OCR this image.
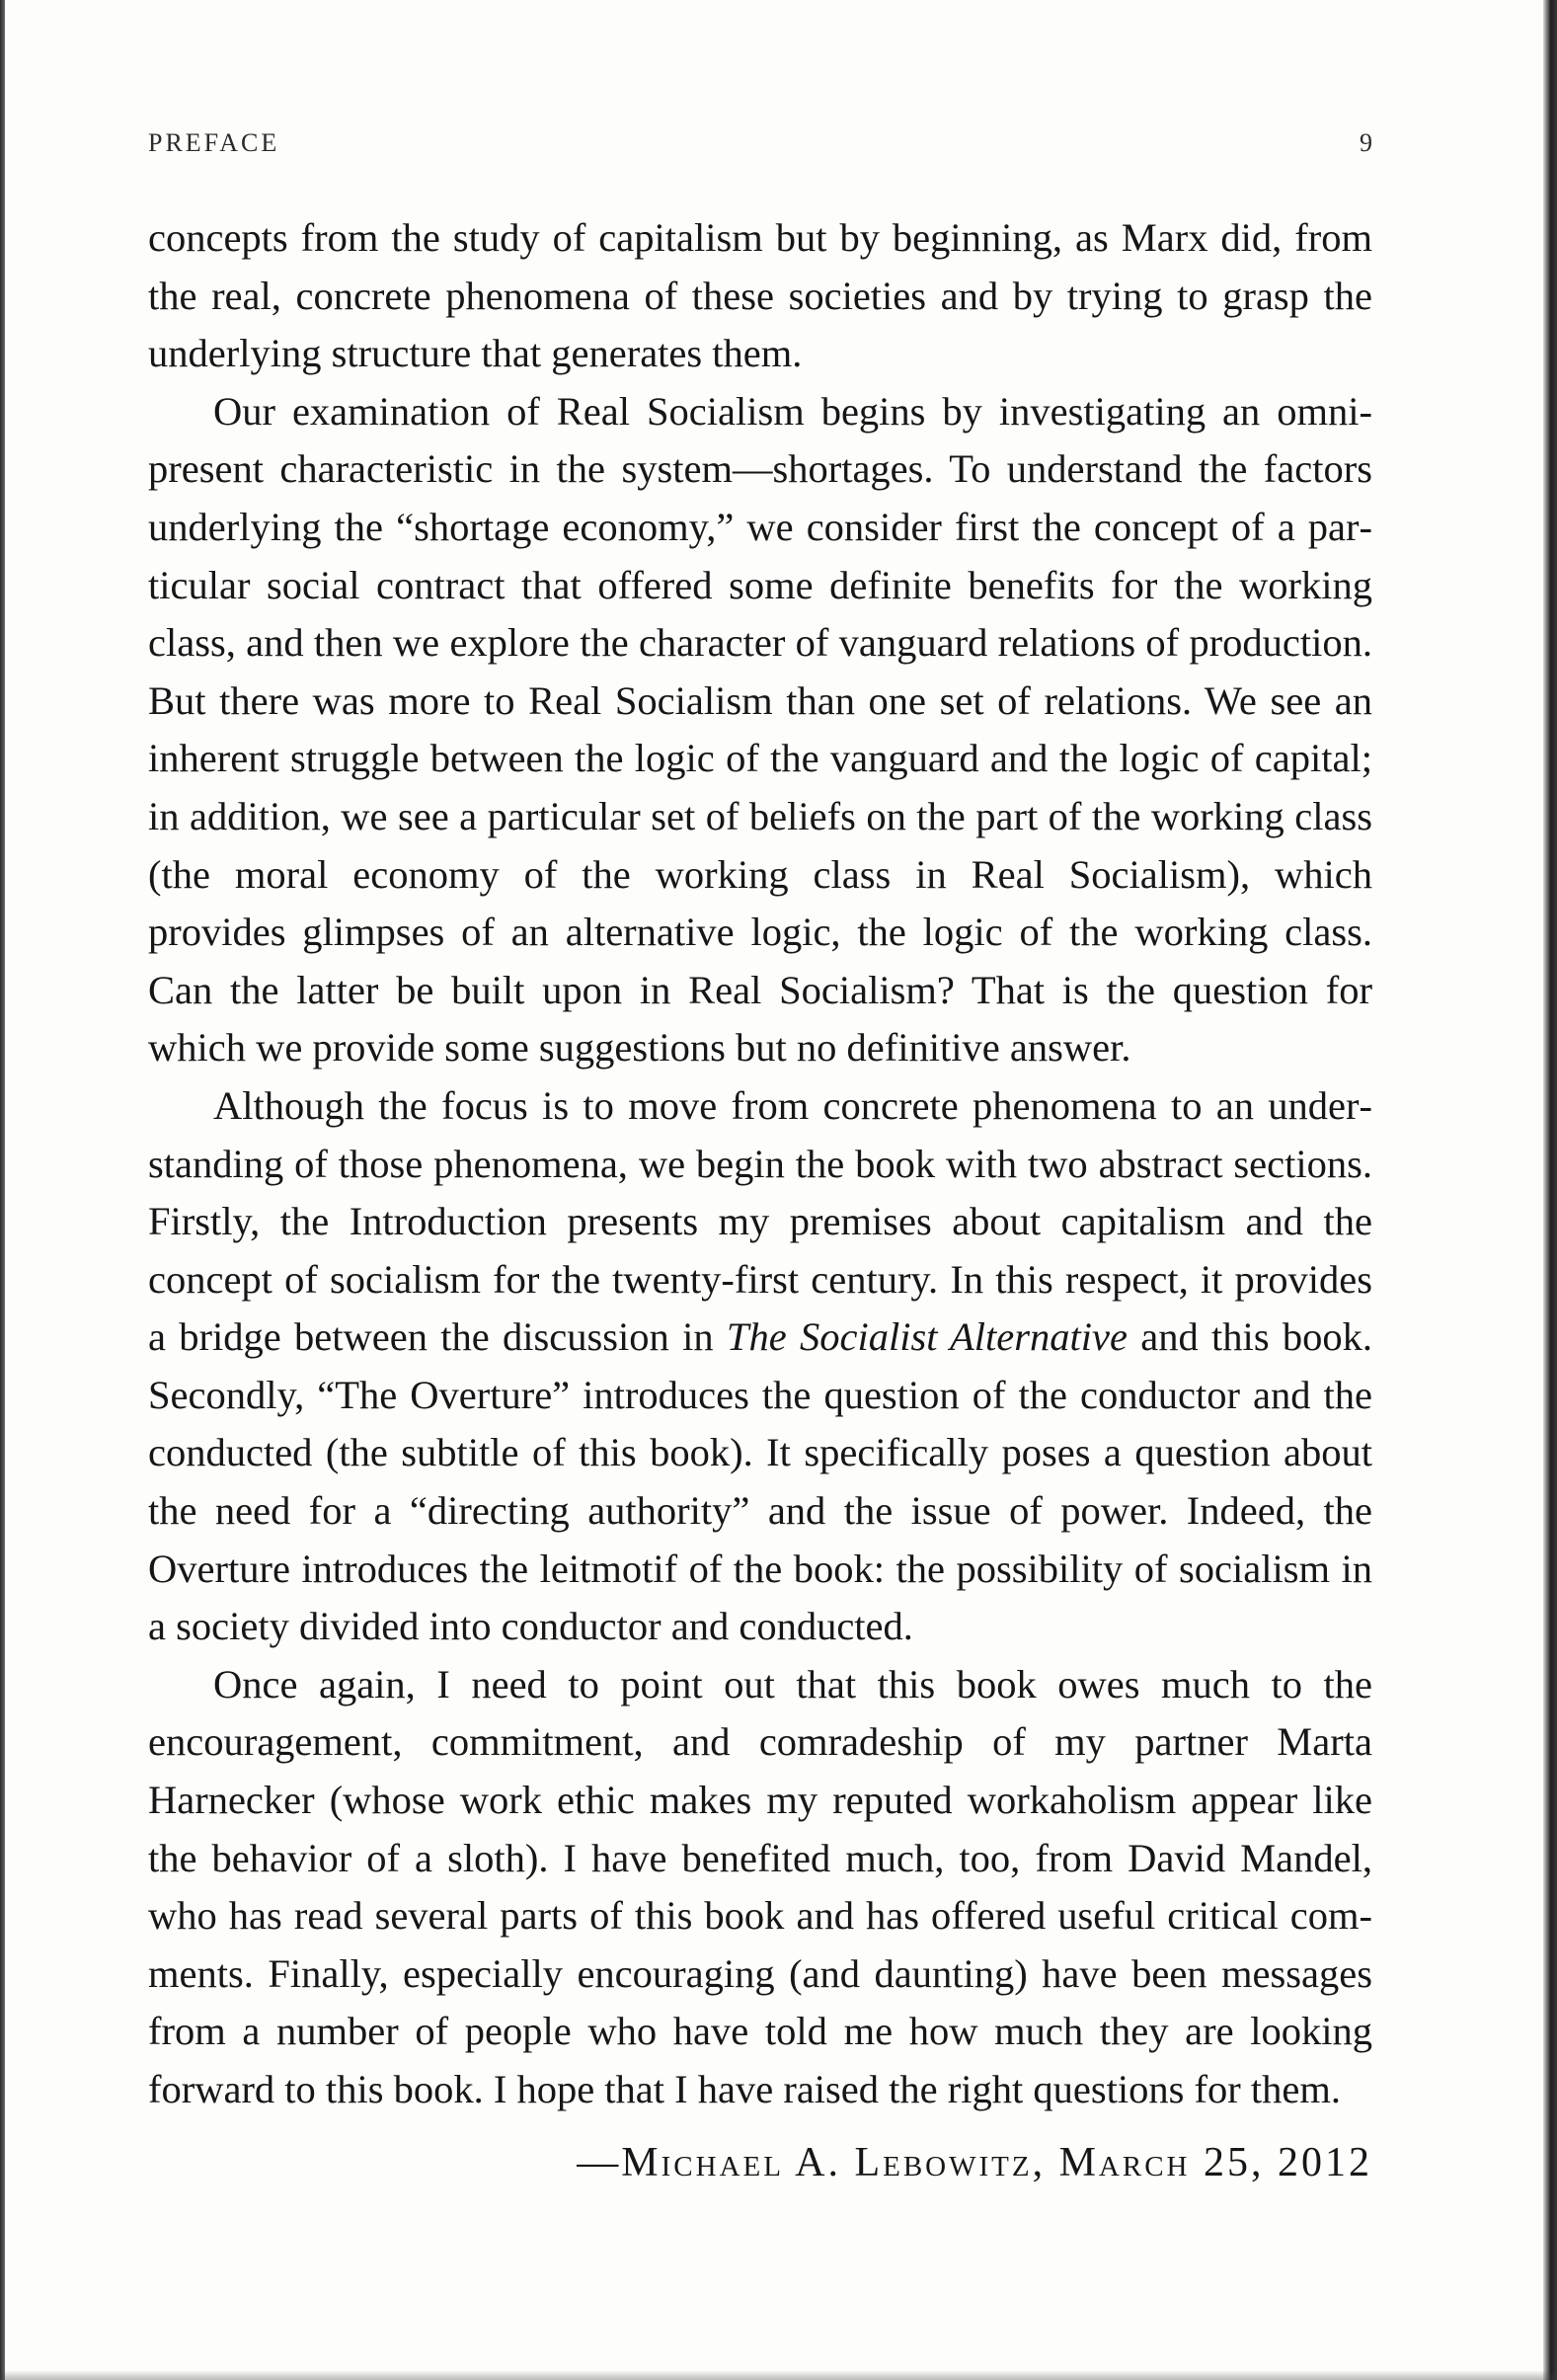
PREFACE	9

concepts from the study of capitalism but by beginning, as Marx did, from the real, concrete phenomena of these societies and by trying to grasp the underlying structure that generates them.

Our examination of Real Socialism begins by investigating an omnipresent characteristic in the system—shortages. To understand the factors underlying the “shortage economy,” we consider first the concept of a particular social contract that offered some definite benefits for the working class, and then we explore the character of vanguard relations of production. But there was more to Real Socialism than one set of relations. We see an inherent struggle between the logic of the vanguard and the logic of capital; in addition, we see a particular set of beliefs on the part of the working class (the moral economy of the working class in Real Socialism), which provides glimpses of an alternative logic, the logic of the working class. Can the latter be built upon in Real Socialism? That is the question for which we provide some suggestions but no definitive answer.

Although the focus is to move from concrete phenomena to an understanding of those phenomena, we begin the book with two abstract sections. Firstly, the Introduction presents my premises about capitalism and the concept of socialism for the twenty-first century. In this respect, it provides a bridge between the discussion in The Socialist Alternative and this book. Secondly, “The Overture” introduces the question of the conductor and the conducted (the subtitle of this book). It specifically poses a question about the need for a “directing authority” and the issue of power. Indeed, the Overture introduces the leitmotif of the book: the possibility of socialism in a society divided into conductor and conducted.

Once again, I need to point out that this book owes much to the encouragement, commitment, and comradeship of my partner Marta Harnecker (whose work ethic makes my reputed workaholism appear like the behavior of a sloth). I have benefited much, too, from David Mandel, who has read several parts of this book and has offered useful critical comments. Finally, especially encouraging (and daunting) have been messages from a number of people who have told me how much they are looking forward to this book. I hope that I have raised the right questions for them.

—Michael A. Lebowitz, March 25, 2012
